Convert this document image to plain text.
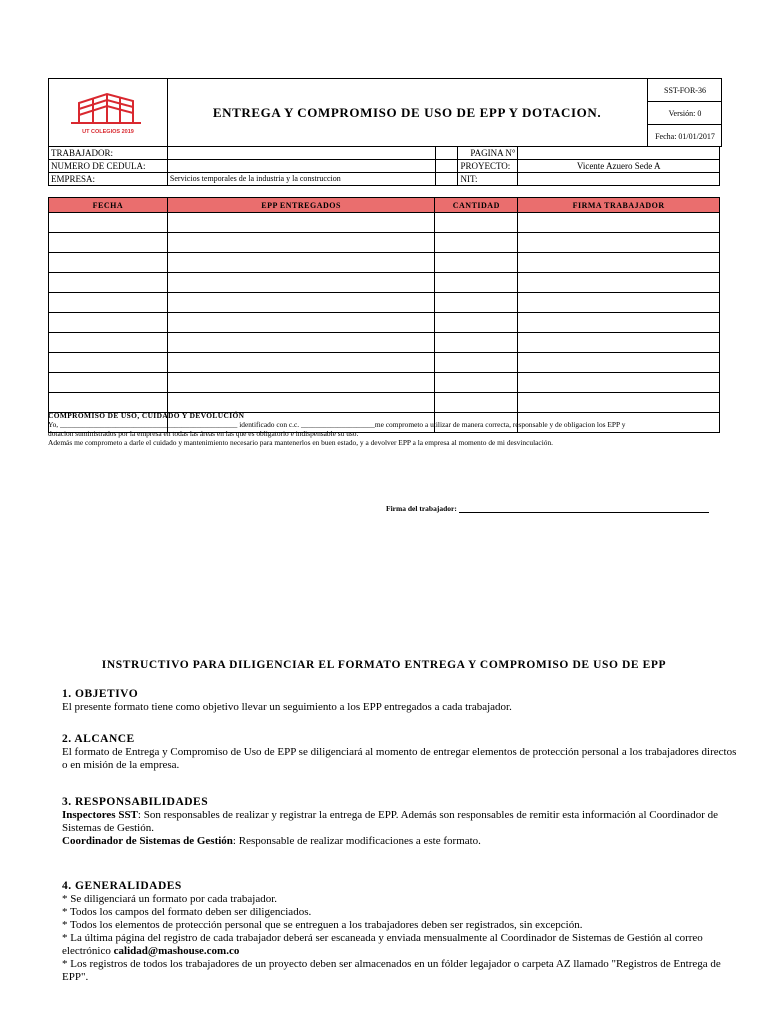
UT COLEGIOS 2019
ENTREGA Y COMPROMISO DE USO DE EPP Y DOTACION.
SST-FOR-36
Versión: 0
Fecha: 01/01/2017
TRABAJADOR:			PAGINA N°	
NUMERO DE CEDULA:			PROYECTO:	Vicente Azuero Sede A
EMPRESA:	Servicios temporales de la industria y la construccion		NIT:	
FECHA	EPP ENTREGADOS	CANTIDAD	FIRMA TRABAJADOR

COMPROMISO DE USO, CUIDADO Y DEVOLUCIÓN
Yo, ________________________________________________ identificado con c.c. ____________________me comprometo a utilizar de manera correcta, responsable y de obligacion los EPP y
dotacion suministrados por la empresa en todas las áreas en las que es obligatorio e indispensable su uso.
Además me comprometo a darle el cuidado y mantenimiento necesario para mantenerlos en buen estado, y a devolver EPP a la empresa al momento de mi desvinculación.
Firma del trabajador:
INSTRUCTIVO PARA DILIGENCIAR EL FORMATO ENTREGA Y COMPROMISO DE USO DE EPP
1. OBJETIVO
El presente formato tiene como objetivo llevar un seguimiento a los EPP entregados a cada trabajador.
2. ALCANCE
El formato de Entrega y Compromiso de Uso de EPP se diligenciará al momento de entregar elementos de protección personal a los trabajadores directos o en misión de la empresa.
3. RESPONSABILIDADES
Inspectores SST: Son responsables de realizar y registrar la entrega de EPP. Además son responsables de remitir esta información al Coordinador de Sistemas de Gestión.
Coordinador de Sistemas de Gestión: Responsable de realizar modificaciones a este formato.
4. GENERALIDADES
* Se diligenciará un formato por cada trabajador.
* Todos los campos del formato deben ser diligenciados.
* Todos los elementos de protección personal que se entreguen a los trabajadores deben ser registrados, sin excepción.
* La última página del registro de cada trabajador deberá ser escaneada y enviada mensualmente al Coordinador de Sistemas de Gestión al correo electrónico calidad@mashouse.com.co
* Los registros de todos los trabajadores de un proyecto deben ser almacenados en un fólder legajador o carpeta AZ llamado "Registros de Entrega de EPP".
